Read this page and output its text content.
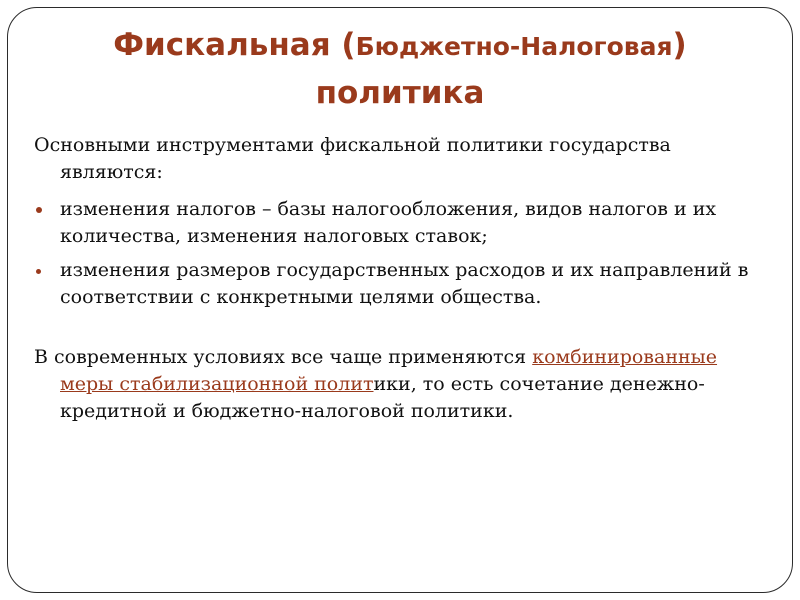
Фискальная (Бюджетно-Налоговая)
политика

Основными инструментами фискальной политики государства являются:

изменения налогов – базы налогообложения, видов налогов и их количества, изменения налоговых ставок;
изменения размеров государственных расходов и их направлений в соответствии с конкретными целями общества.

В современных условиях все чаще применяются комбинированные меры стабилизационной политики, то есть сочетание денежно-кредитной и бюджетно-налоговой политики.
